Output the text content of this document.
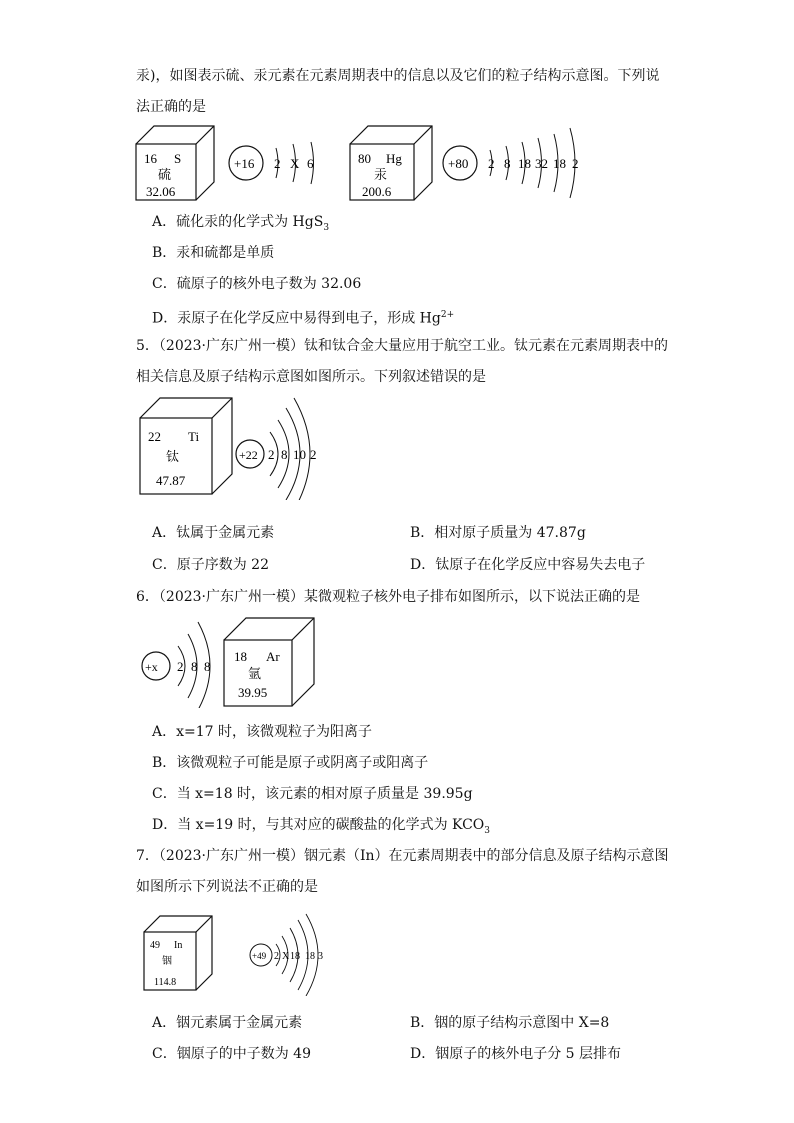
汞)，如图表示硫、汞元素在元素周期表中的信息以及它们的粒子结构示意图。下列说
法正确的是
16 S
硫
32.06
+16 2 X 6	80 Hg
汞
200.6
+80 2 8 18 32 18 2
A．硫化汞的化学式为 HgS$_3$
B．汞和硫都是单质
C．硫原子的核外电子数为 32.06
D．汞原子在化学反应中易得到电子，形成 $Hg^{2+}$
5．（2023·广东广州一模）钛和钛合金大量应用于航空工业。钛元素在元素周期表中的
相关信息及原子结构示意图如图所示。下列叙述错误的是
22 Ti
钛
47.87
+22 2 8 10 2
A．钛属于金属元素	B．相对原子质量为 47.87g
C．原子序数为 22	D．钛原子在化学反应中容易失去电子
6．（2023·广东广州一模）某微观粒子核外电子排布如图所示，以下说法正确的是
+x 2 8 8
18 Ar
氩
39.95
A．x=17 时，该微观粒子为阳离子
B．该微观粒子可能是原子或阴离子或阳离子
C．当 x=18 时，该元素的相对原子质量是 39.95g
D．当 x=19 时，与其对应的碳酸盐的化学式为 $KCO_3$
7．（2023·广东广州一模）铟元素（In）在元素周期表中的部分信息及原子结构示意图
如图所示下列说法不正确的是
49 In
铟
114.8
+49 2 X 18 18 3
A．铟元素属于金属元素	B．铟的原子结构示意图中 X=8
C．铟原子的中子数为 49	D．铟原子的核外电子分 5 层排布
